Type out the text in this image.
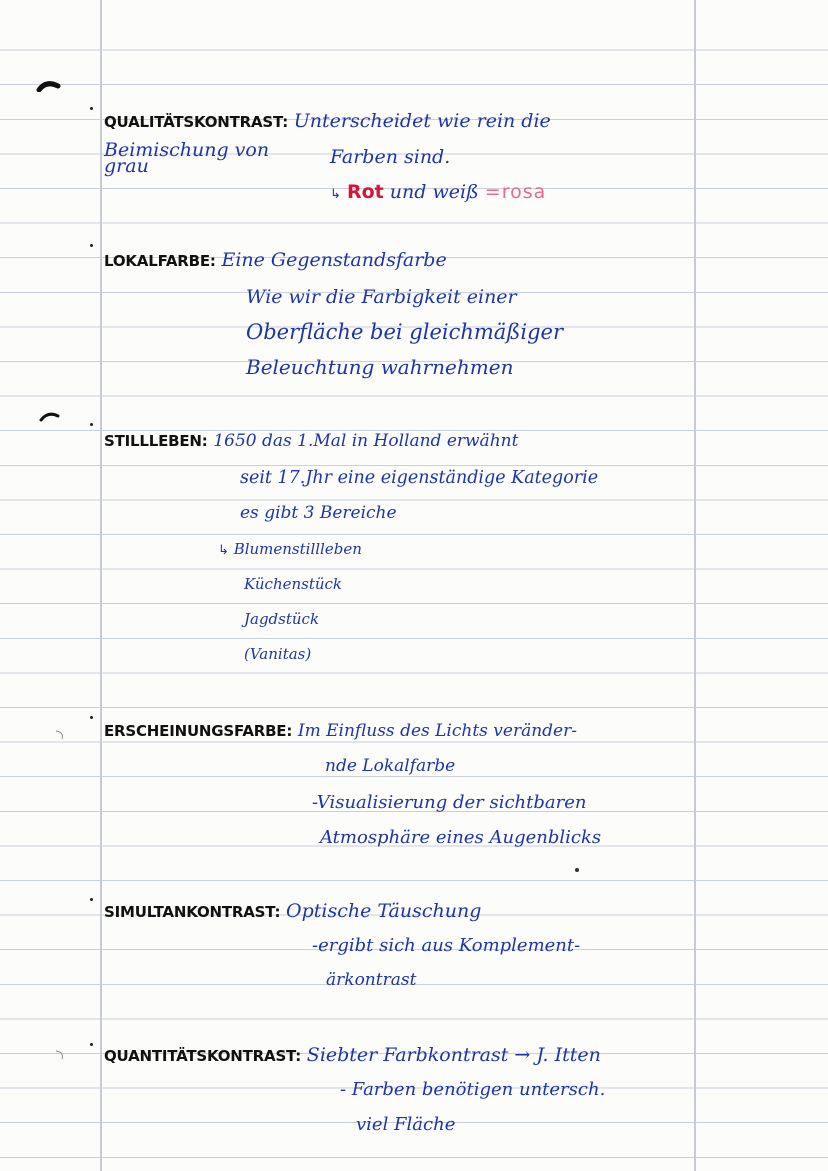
QUALITÄTSKONTRAST: Unterscheidet wie rein die
Beimischung von
grau	Farben sind.
↳ Rot und weiß =rosa
LOKALFARBE: Eine Gegenstandsfarbe
Wie wir die Farbigkeit einer
Oberfläche bei gleichmäßiger
Beleuchtung wahrnehmen
STILLLEBEN: 1650 das 1.Mal in Holland erwähnt
seit 17.Jhr eine eigenständige Kategorie
es gibt 3 Bereiche
↳ Blumenstillleben
Küchenstück
Jagdstück
(Vanitas)
ERSCHEINUNGSFARBE: Im Einfluss des Lichts veränder-
nde Lokalfarbe
-Visualisierung der sichtbaren
Atmosphäre eines Augenblicks
SIMULTANKONTRAST: Optische Täuschung
-ergibt sich aus Komplement-
ärkontrast
QUANTITÄTSKONTRAST: Siebter Farbkontrast → J. Itten
- Farben benötigen untersch.
viel Fläche
